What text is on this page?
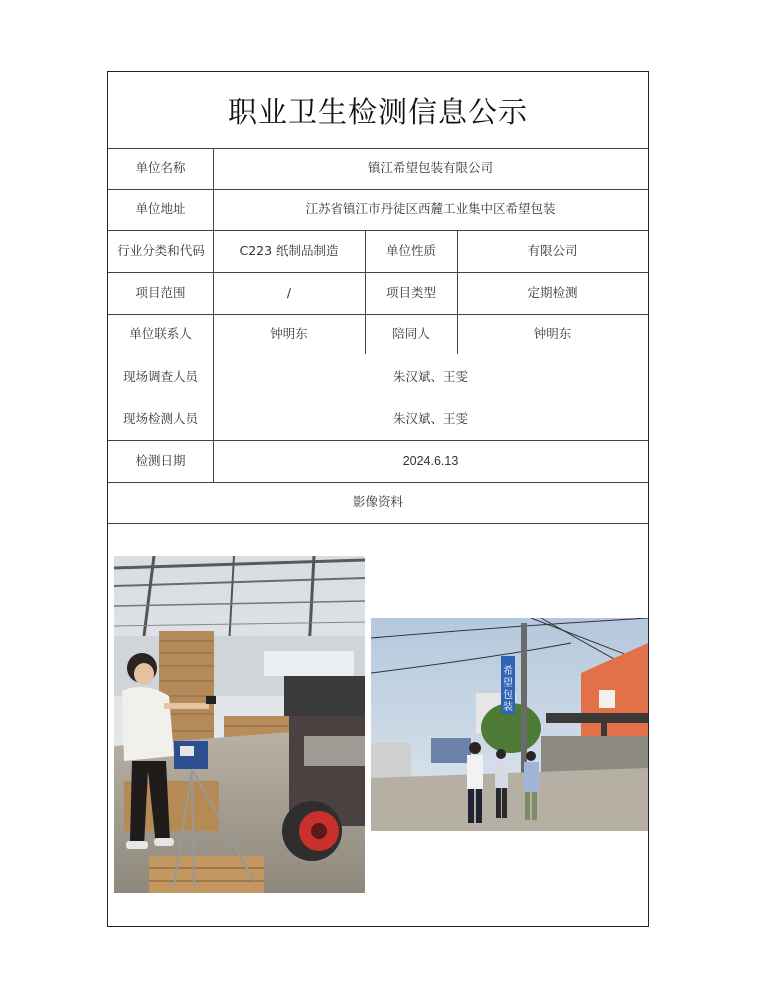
职业卫生检测信息公示
单位名称	镇江希望包装有限公司
单位地址	江苏省镇江市丹徒区西麓工业集中区希望包装
行业分类和代码	C223 纸制品制造	单位性质	有限公司
项目范围	/	项目类型	定期检测
单位联系人	钟明东	陪同人	钟明东
现场调查人员	朱汉斌、王雯
现场检测人员	朱汉斌、王雯
检测日期	2024.6.13
影像资料
希
望
包
装
